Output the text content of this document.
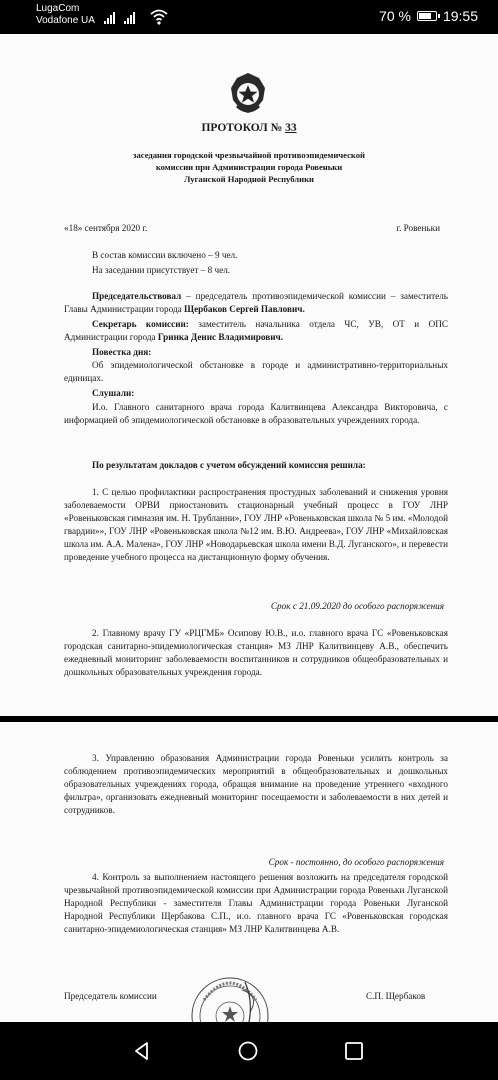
LugaCom
Vodafone UA	70 % 19:55
ПРОТОКОЛ № 33
заседания городской чрезвычайной противоэпидемической
комиссии при Администрации города Ровеньки
Луганской Народной Республики
«18» сентября 2020 г.	г. Ровеньки
В состав комиссии включено – 9 чел.
На заседании присутствует – 8 чел.
Председательствовал – председатель противоэпидемической комиссии – заместитель Главы Администрации города Щербаков Сергей Павлович.
Секретарь комиссии: заместитель начальника отдела ЧС, УВ, ОТ и ОПС Администрации города Гринка Денис Владимирович.
Повестка дня:
Об эпидемиологической обстановке в городе и административно-территориальных единицах.
Слушали:
И.о. Главного санитарного врача города Калитвинцева Александра Викторовича, с информацией об эпидемиологической обстановке в образовательных учреждениях города.
По результатам докладов с учетом обсуждений комиссия решила:
1. С целью профилактики распространения простудных заболеваний и снижения уровня заболеваемости ОРВИ приостановить стационарный учебный процесс в ГОУ ЛНР «Ровеньковская гимназия им. Н. Трубланни», ГОУ ЛНР «Ровеньковская школа № 5 им. «Молодой гвардии»», ГОУ ЛНР «Ровеньковская школа №12 им. В.Ю. Андреева», ГОУ ЛНР «Михайловская школа им. А.А. Малена», ГОУ ЛНР «Новодарьевская школа имени В.Д. Луганского», и перевести проведение учебного процесса на дистанционную форму обучения.
Срок с 21.09.2020 до особого распоряжения
2. Главному врачу ГУ «РЦГМБ» Осипову Ю.В., и.о. главного врача ГС «Ровеньковская городская санитарно-эпидемиологическая станция» МЗ ЛНР Калитвинцеву А.В., обеспечить ежедневный мониторинг заболеваемости воспитанников и сотрудников общеобразовательных и дошкольных образовательных учреждения города.
3. Управлению образования Администрации города Ровеньки усилить контроль за соблюдением противоэпидемических мероприятий в общеобразовательных и дошкольных образовательных учреждениях города, обращая внимание на проведение утреннего «входного фильтра», организовать ежедневный мониторинг посещаемости и заболеваемости в них детей и сотрудников.
Срок - постоянно, до особого распоряжения
4. Контроль за выполнением настоящего решения возложить на председателя городской чрезвычайной противоэпидемической комиссии при Администрации города Ровеньки Луганской Народной Республики - заместителя Главы Администрации города Ровеньки Луганской Народной Республики Щербакова С.П., и.о. главного врача ГС «Ровеньковская городская санитарно-эпидемиологическая станция» МЗ ЛНР Калитвинцева А.В.
Председатель комиссии	С.П. Щербаков
